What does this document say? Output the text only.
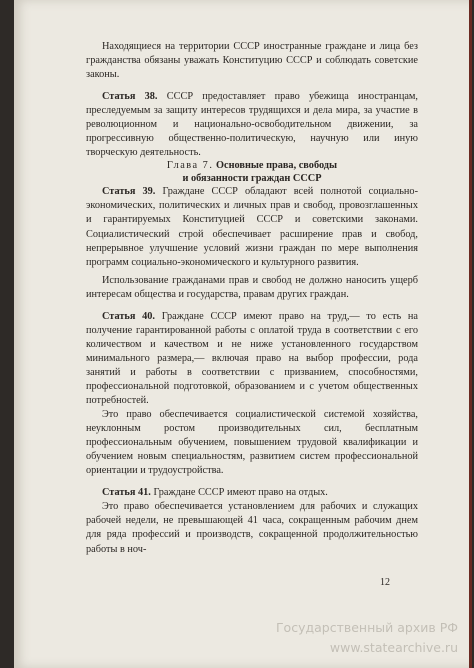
Находящиеся на территории СССР иностранные граждане и лица без гражданства обязаны уважать Конституцию СССР и соблюдать советские законы.

Статья 38. СССР предоставляет право убежища иностранцам, преследуемым за защиту интересов трудящихся и дела мира, за участие в революционном и национально-освободительном движении, за прогрессивную общественно-политическую, научную или иную творческую деятельность.

Глава 7. Основные права, свободы
и обязанности граждан СССР

Статья 39. Граждане СССР обладают всей полнотой социально-экономических, политических и личных прав и свобод, провозглашенных и гарантируемых Конституцией СССР и советскими законами. Социалистический строй обеспечивает расширение прав и свобод, непрерывное улучшение условий жизни граждан по мере выполнения программ социально-экономического и культурного развития.

Использование гражданами прав и свобод не должно наносить ущерб интересам общества и государства, правам других граждан.

Статья 40. Граждане СССР имеют право на труд,— то есть на получение гарантированной работы с оплатой труда в соответствии с его количеством и качеством и не ниже установленного государством минимального размера,— включая право на выбор профессии, рода занятий и работы в соответствии с призванием, способностями, профессиональной подготовкой, образованием и с учетом общественных потребностей.

Это право обеспечивается социалистической системой хозяйства, неуклонным ростом производительных сил, бесплатным профессиональным обучением, повышением трудовой квалификации и обучением новым специальностям, развитием систем профессиональной ориентации и трудоустройства.

Статья 41. Граждане СССР имеют право на отдых.

Это право обеспечивается установлением для рабочих и служащих рабочей недели, не превышающей 41 часа, сокращенным рабочим днем для ряда профессий и производств, сокращенной продолжительностью работы в ноч-

12
Государственный архив РФ
www.statearchive.ru
